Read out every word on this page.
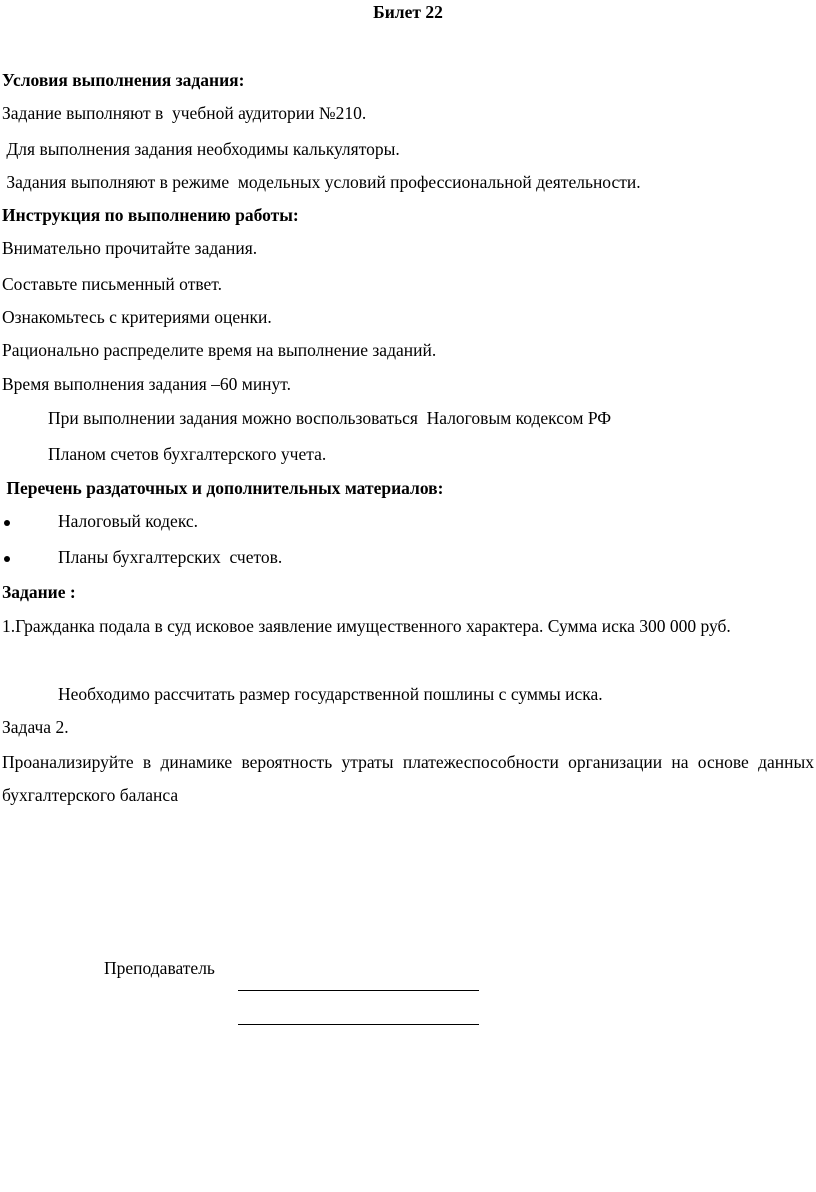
Билет 22
Условия выполнения задания:
Задание выполняют в  учебной аудитории №210.
Для выполнения задания необходимы калькуляторы.
Задания выполняют в режиме  модельных условий профессиональной деятельности.
Инструкция по выполнению работы:
Внимательно прочитайте задания.
Составьте письменный ответ.
Ознакомьтесь с критериями оценки.
Рационально распределите время на выполнение заданий.
Время выполнения задания –60 минут.
При выполнении задания можно воспользоваться  Налоговым кодексом РФ
Планом счетов бухгалтерского учета.
Перечень раздаточных и дополнительных материалов:
Налоговый кодекс.
Планы бухгалтерских  счетов.
Задание :
1.Гражданка подала в суд исковое заявление имущественного характера. Сумма иска 300 000 руб.
Необходимо рассчитать размер государственной пошлины с суммы иска.
Задача 2.
Проанализируйте в динамике вероятность утраты платежеспособности организации на основе данных бухгалтерского баланса
Преподаватель
